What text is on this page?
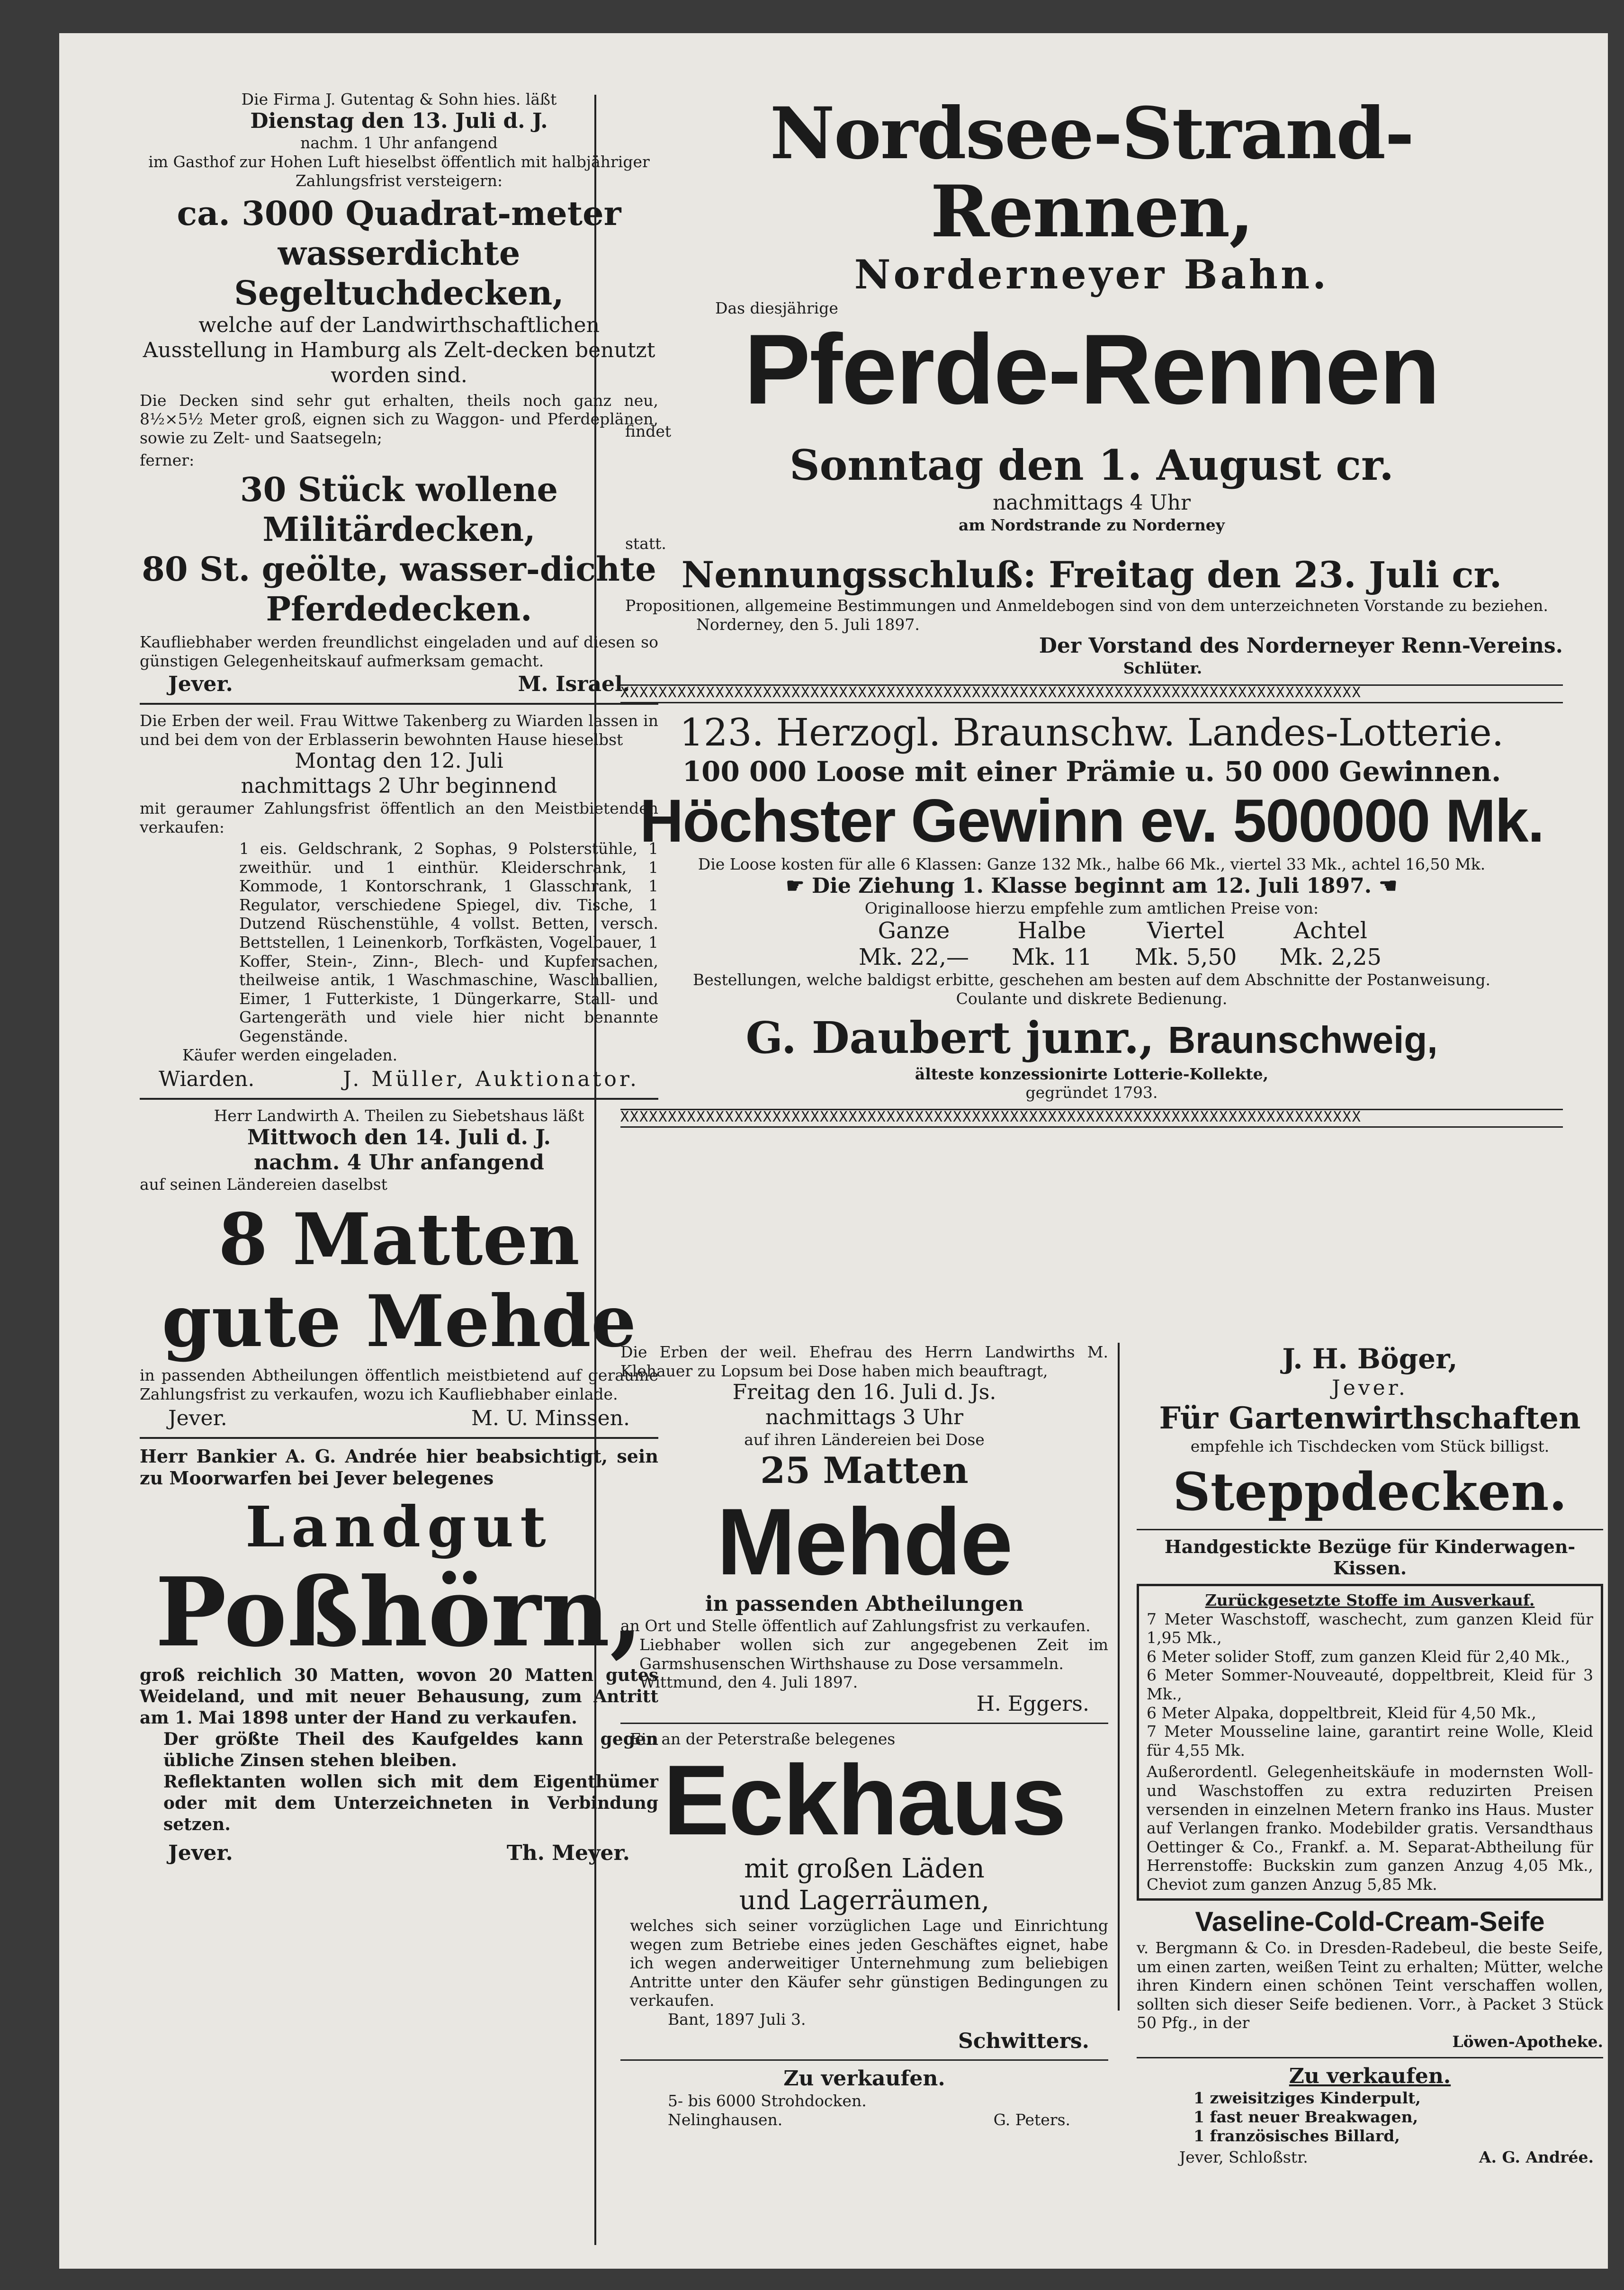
Die Firma J. Gutentag & Sohn hies. läßt

Dienstag den 13. Juli d. J.

nachm. 1 Uhr anfangend

im Gasthof zur Hohen Luft hieselbst öffentlich mit halbjähriger Zahlungsfrist versteigern:

ca. 3000 Quadrat-meter wasserdichte Segeltuchdecken,

welche auf der Landwirthschaftlichen Ausstellung in Hamburg als Zelt-decken benutzt worden sind.

Die Decken sind sehr gut erhalten, theils noch ganz neu, 8½×5½ Meter groß, eignen sich zu Waggon- und Pferdeplänen, sowie zu Zelt- und Saatsegeln;

ferner:

30 Stück wollene Militärdecken,

80 St. geölte, wasser-dichte Pferdedecken.

Kaufliebhaber werden freundlichst eingeladen und auf diesen so günstigen Gelegenheitskauf aufmerksam gemacht.

Jever.	M. Israel.

Die Erben der weil. Frau Wittwe Takenberg zu Wiarden lassen in und bei dem von der Erblasserin bewohnten Hause hieselbst

Montag den 12. Juli

nachmittags 2 Uhr beginnend

mit geraumer Zahlungsfrist öffentlich an den Meistbietenden verkaufen:

1 eis. Geldschrank, 2 Sophas, 9 Polsterstühle, 1 zweithür. und 1 einthür. Kleiderschrank, 1 Kommode, 1 Kontorschrank, 1 Glasschrank, 1 Regulator, verschiedene Spiegel, div. Tische, 1 Dutzend Rüschenstühle, 4 vollst. Betten, versch. Bettstellen, 1 Leinenkorb, Torfkästen, Vogelbauer, 1 Koffer, Stein-, Zinn-, Blech- und Kupfersachen, theilweise antik, 1 Waschmaschine, Waschballien, Eimer, 1 Futterkiste, 1 Düngerkarre, Stall- und Gartengeräth und viele hier nicht benannte Gegenstände.

Käufer werden eingeladen.

Wiarden.	J. Müller, Auktionator.

Herr Landwirth A. Theilen zu Siebetshaus läßt

Mittwoch den 14. Juli d. J.

nachm. 4 Uhr anfangend

auf seinen Ländereien daselbst

8 Matten

gute Mehde

in passenden Abtheilungen öffentlich meistbietend auf geraume Zahlungsfrist zu verkaufen, wozu ich Kaufliebhaber einlade.

Jever.	M. U. Minssen.

Herr Bankier A. G. Andrée hier beabsichtigt, sein zu Moorwarfen bei Jever belegenes

Landgut

Poßhörn,

groß reichlich 30 Matten, wovon 20 Matten gutes Weideland, und mit neuer Behausung, zum Antritt am 1. Mai 1898 unter der Hand zu verkaufen.

Der größte Theil des Kaufgeldes kann gegen übliche Zinsen stehen bleiben.

Reflektanten wollen sich mit dem Eigenthümer oder mit dem Unterzeichneten in Verbindung setzen.

Jever.	Th. Meyer.

Nordsee-Strand-Rennen,

Norderneyer Bahn.

Das diesjährige

Pferde-Rennen

findet

Sonntag den 1. August cr.

nachmittags 4 Uhr

am Nordstrande zu Norderney

statt.

Nennungsschluß: Freitag den 23. Juli cr.

Propositionen, allgemeine Bestimmungen und Anmeldebogen sind von dem unterzeichneten Vorstande zu beziehen.

Norderney, den 5. Juli 1897.

Der Vorstand des Norderneyer Renn-Vereins.

Schlüter.

XXXXXXXXXXXXXXXXXXXXXXXXXXXXXXXXXXXXXXXXXXXXXXXXXXXXXXXXXXXXXXXXXXXXXXXXXXXXXX

123. Herzogl. Braunschw. Landes-Lotterie.

100 000 Loose mit einer Prämie u. 50 000 Gewinnen.

Höchster Gewinn ev. 500000 Mk.

Die Loose kosten für alle 6 Klassen: Ganze 132 Mk., halbe 66 Mk., viertel 33 Mk., achtel 16,50 Mk.

☛ Die Ziehung 1. Klasse beginnt am 12. Juli 1897. ☛

Originalloose hierzu empfehle zum amtlichen Preise von:

Ganze
Mk. 22,—
Halbe
Mk. 11
Viertel
Mk. 5,50
Achtel
Mk. 2,25

Bestellungen, welche baldigst erbitte, geschehen am besten auf dem Abschnitte der Postanweisung.

Coulante und diskrete Bedienung.

G. Daubert junr., Braunschweig,

älteste konzessionirte Lotterie-Kollekte,

gegründet 1793.

XXXXXXXXXXXXXXXXXXXXXXXXXXXXXXXXXXXXXXXXXXXXXXXXXXXXXXXXXXXXXXXXXXXXXXXXXXXXXX

Die Erben der weil. Ehefrau des Herrn Landwirths M. Klehauer zu Lopsum bei Dose haben mich beauftragt,

Freitag den 16. Juli d. Js.

nachmittags 3 Uhr

auf ihren Ländereien bei Dose

25 Matten

Mehde

in passenden Abtheilungen

an Ort und Stelle öffentlich auf Zahlungsfrist zu verkaufen.

Liebhaber wollen sich zur angegebenen Zeit im Garmshusenschen Wirthshause zu Dose versammeln.

Wittmund, den 4. Juli 1897.

H. Eggers.

Ein an der Peterstraße belegenes

Eckhaus

mit großen Läden

und Lagerräumen,

welches sich seiner vorzüglichen Lage und Einrichtung wegen zum Betriebe eines jeden Geschäftes eignet, habe ich wegen anderweitiger Unternehmung zum beliebigen Antritte unter den Käufer sehr günstigen Bedingungen zu verkaufen.

Bant, 1897 Juli 3.

Schwitters.

Zu verkaufen.

5- bis 6000 Strohdocken.

Nelinghausen.	G. Peters.

J. H. Böger,

Jever.

Für Gartenwirthschaften

empfehle ich Tischdecken vom Stück billigst.

Steppdecken.

Handgestickte Bezüge für Kinderwagen-Kissen.

Zurückgesetzte Stoffe im Ausverkauf.

7 Meter Waschstoff, waschecht, zum ganzen Kleid für 1,95 Mk.,

6 Meter solider Stoff, zum ganzen Kleid für 2,40 Mk.,

6 Meter Sommer-Nouveauté, doppeltbreit, Kleid für 3 Mk.,

6 Meter Alpaka, doppeltbreit, Kleid für 4,50 Mk.,

7 Meter Mousseline laine, garantirt reine Wolle, Kleid für 4,55 Mk.

Außerordentl. Gelegenheitskäufe in modernsten Woll- und Waschstoffen zu extra reduzirten Preisen versenden in einzelnen Metern franko ins Haus. Muster auf Verlangen franko. Modebilder gratis. Versandthaus Oettinger & Co., Frankf. a. M. Separat-Abtheilung für Herrenstoffe: Buckskin zum ganzen Anzug 4,05 Mk., Cheviot zum ganzen Anzug 5,85 Mk.

Vaseline-Cold-Cream-Seife

v. Bergmann & Co. in Dresden-Radebeul, die beste Seife, um einen zarten, weißen Teint zu erhalten; Mütter, welche ihren Kindern einen schönen Teint verschaffen wollen, sollten sich dieser Seife bedienen. Vorr., à Packet 3 Stück 50 Pfg., in der

Löwen-Apotheke.

Zu verkaufen.

1 zweisitziges Kinderpult,

1 fast neuer Breakwagen,

1 französisches Billard,

Jever, Schloßstr.	A. G. Andrée.
